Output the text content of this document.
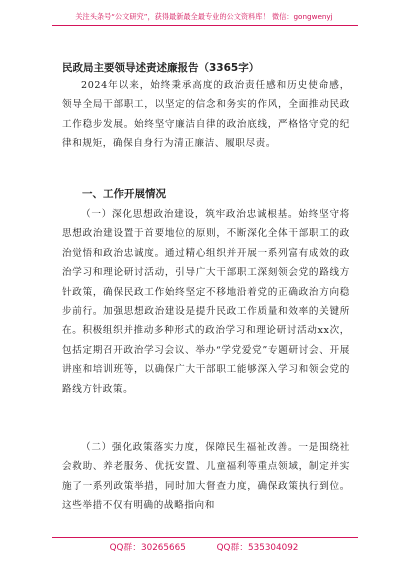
关注头条号“公文研究”，获得最新最全最专业的公文资料库！ 微信：gongwenyj
民政局主要领导述责述廉报告（3365字）
2024年以来，始终秉承高度的政治责任感和历史使命感，领导全局干部职工，以坚定的信念和务实的作风，全面推动民政工作稳步发展。始终坚守廉洁自律的政治底线，严格恪守党的纪律和规矩，确保自身行为清正廉洁、履职尽责。
一、工作开展情况
（一）深化思想政治建设，筑牢政治忠诚根基。始终坚守将思想政治建设置于首要地位的原则，不断深化全体干部职工的政治觉悟和政治忠诚度。通过精心组织并开展一系列富有成效的政治学习和理论研讨活动，引导广大干部职工深刻领会党的路线方针政策，确保民政工作始终坚定不移地沿着党的正确政治方向稳步前行。加强思想政治建设是提升民政工作质量和效率的关键所在。积极组织并推动多种形式的政治学习和理论研讨活动xx次，包括定期召开政治学习会议、举办“学党爱党”专题研讨会、开展讲座和培训班等，以确保广大干部职工能够深入学习和领会党的路线方针政策。
（二）强化政策落实力度，保障民生福祉改善。一是围绕社会救助、养老服务、优抚安置、儿童福利等重点领域，制定并实施了一系列政策举措，同时加大督查力度，确保政策执行到位。这些举措不仅有明确的战略指向和
QQ群：30265665	QQ群：535304092
